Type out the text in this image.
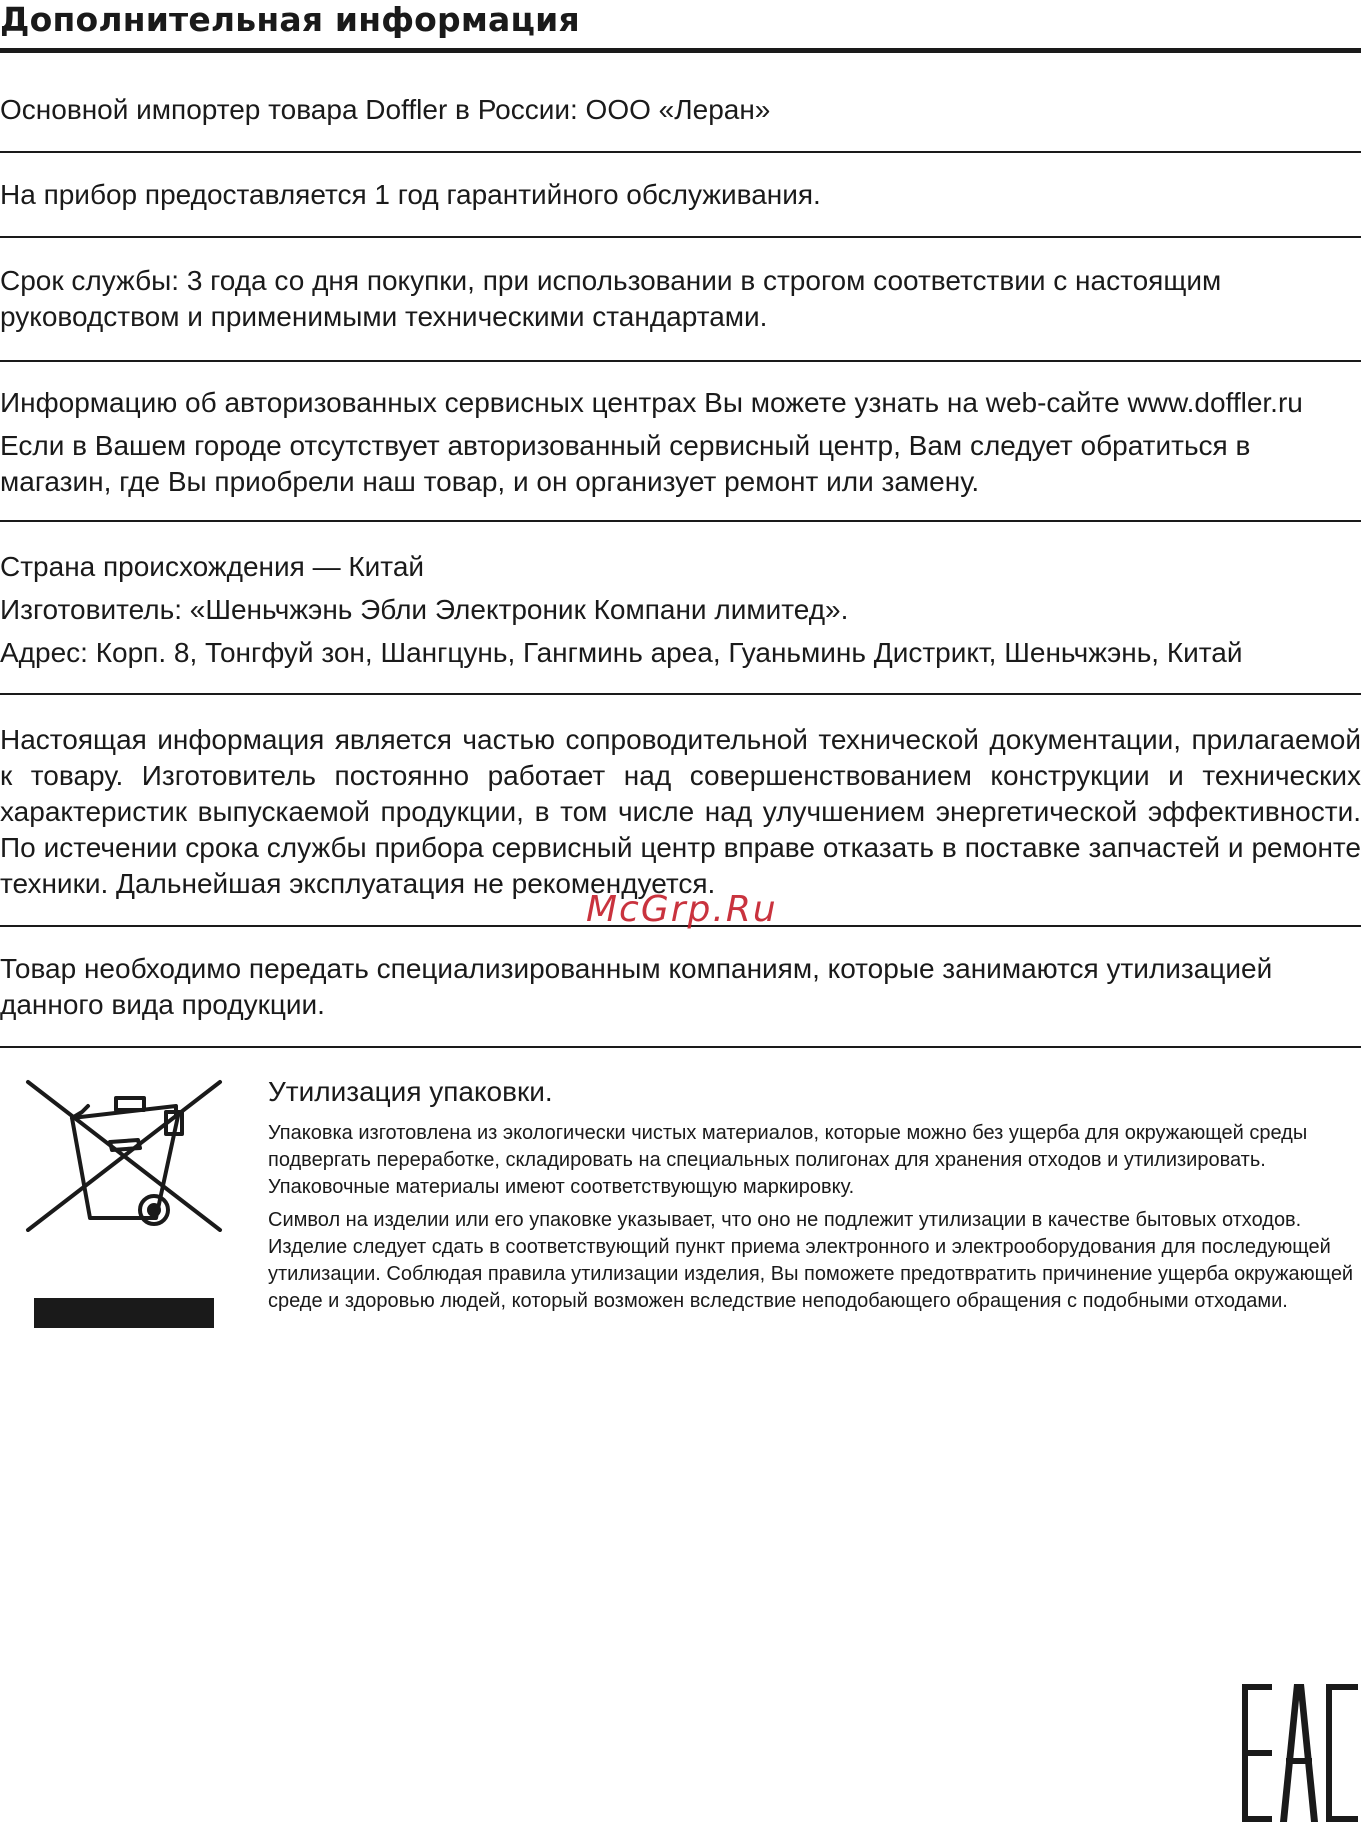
Дополнительная информация

Основной импортер товара Doffler в России: ООО «Леран»

На прибор предоставляется 1 год гарантийного обслуживания.

Срок службы: 3 года со дня покупки, при использовании в строгом соответствии с настоящим руководством и применимыми техническими стандартами.

Информацию об авторизованных сервисных центрах Вы можете узнать на web-сайте www.doffler.ru

Если в Вашем городе отсутствует авторизованный сервисный центр, Вам следует обратиться в магазин, где Вы приобрели наш товар, и он организует ремонт или замену.

Страна происхождения — Китай

Изготовитель: «Шеньчжэнь Эбли Электроник Компани лимитед».

Адрес: Корп. 8, Тонгфуй зон, Шангцунь, Гангминь ареа, Гуаньминь Дистрикт, Шеньчжэнь, Китай

Настоящая информация является частью сопроводительной технической документации, прилагаемой к товару. Изготовитель постоянно работает над совершенствованием конструкции и технических характеристик выпускаемой продукции, в том числе над улучшением энергетической эффективности. По истечении срока службы прибора сервисный центр вправе отказать в поставке запчастей и ремонте техники. Дальнейшая эксплуатация не рекомендуется.

Товар необходимо передать специализированным компаниям, которые занимаются утилизацией данного вида продукции.

Утилизация упаковки.

Упаковка изготовлена из экологически чистых материалов, которые можно без ущерба для окружающей среды подвергать переработке, складировать на специальных полигонах для хранения отходов и утилизировать. Упаковочные материалы имеют соответствующую маркировку.

Символ на изделии или его упаковке указывает, что оно не подлежит утилизации в качестве бытовых отходов. Изделие следует сдать в соответствующий пункт приема электронного и электрооборудования для последующей утилизации. Соблюдая правила утилизации изделия, Вы поможете предотвратить причинение ущерба окружающей среде и здоровью людей, который возможен вследствие неподобающего обращения с подобными отходами.

McGrp.Ru
